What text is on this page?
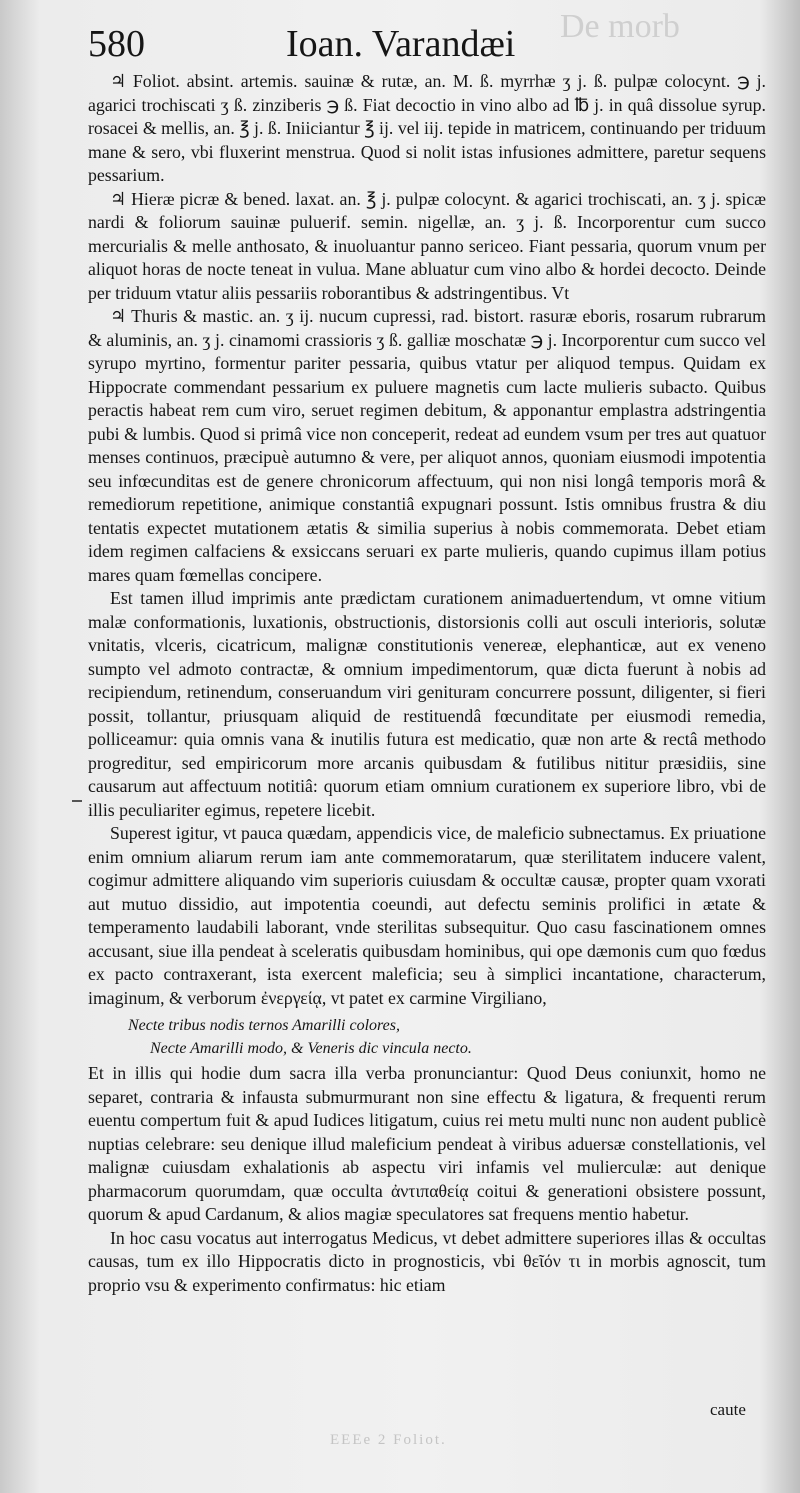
De morb
580	Ioan. Varandæi

♃ Foliot. absint. artemis. sauinæ & rutæ, an. M. ß. myrrhæ ʒ j. ß. pulpæ colocynt. ℈ j. agarici trochiscati ʒ ß. zinziberis ℈ ß. Fiat decoctio in vino albo ad ℔ j. in quâ dissolue syrup. rosacei & mellis, an. ℥ j. ß. Iniiciantur ℥ ij. vel iij. tepide in matricem, continuando per triduum mane & sero, vbi fluxerint menstrua. Quod si nolit istas infusiones admittere, paretur sequens pessarium.

♃ Hieræ picræ & bened. laxat. an. ℥ j. pulpæ colocynt. & agarici trochiscati, an. ʒ j. spicæ nardi & foliorum sauinæ puluerif. semin. nigellæ, an. ʒ j. ß. Incorporentur cum succo mercurialis & melle anthosato, & inuoluantur panno sericeo. Fiant pessaria, quorum vnum per aliquot horas de nocte teneat in vulua. Mane abluatur cum vino albo & hordei decocto. Deinde per triduum vtatur aliis pessariis roborantibus & adstringentibus. Vt

♃ Thuris & mastic. an. ʒ ij. nucum cupressi, rad. bistort. rasuræ eboris, rosarum rubrarum & aluminis, an. ʒ j. cinamomi crassioris ʒ ß. galliæ moschatæ ℈ j. Incorporentur cum succo vel syrupo myrtino, formentur pariter pessaria, quibus vtatur per aliquod tempus. Quidam ex Hippocrate commendant pessarium ex puluere magnetis cum lacte mulieris subacto. Quibus peractis habeat rem cum viro, seruet regimen debitum, & apponantur emplastra adstringentia pubi & lumbis. Quod si primâ vice non conceperit, redeat ad eundem vsum per tres aut quatuor menses continuos, præcipuè autumno & vere, per aliquot annos, quoniam eiusmodi impotentia seu infœcunditas est de genere chronicorum affectuum, qui non nisi longâ temporis morâ & remediorum repetitione, animique constantiâ expugnari possunt. Istis omnibus frustra & diu tentatis expectet mutationem ætatis & similia superius à nobis commemorata. Debet etiam idem regimen calfaciens & exsiccans seruari ex parte mulieris, quando cupimus illam potius mares quam fœmellas concipere.

Est tamen illud imprimis ante prædictam curationem animaduertendum, vt omne vitium malæ conformationis, luxationis, obstructionis, distorsionis colli aut osculi interioris, solutæ vnitatis, vlceris, cicatricum, malignæ constitutionis venereæ, elephanticæ, aut ex veneno sumpto vel admoto contractæ, & omnium impedimentorum, quæ dicta fuerunt à nobis ad recipiendum, retinendum, conseruandum viri genituram concurrere possunt, diligenter, si fieri possit, tollantur, priusquam aliquid de restituendâ fœcunditate per eiusmodi remedia, polliceamur: quia omnis vana & inutilis futura est medicatio, quæ non arte & rectâ methodo progreditur, sed empiricorum more arcanis quibusdam & futilibus nititur præsidiis, sine causarum aut affectuum notitiâ: quorum etiam omnium curationem ex superiore libro, vbi de illis peculiariter egimus, repetere licebit.

Superest igitur, vt pauca quædam, appendicis vice, de maleficio subnectamus. Ex priuatione enim omnium aliarum rerum iam ante commemoratarum, quæ sterilitatem inducere valent, cogimur admittere aliquando vim superioris cuiusdam & occultæ causæ, propter quam vxorati aut mutuo dissidio, aut impotentia coeundi, aut defectu seminis prolifici in ætate & temperamento laudabili laborant, vnde sterilitas subsequitur. Quo casu fascinationem omnes accusant, siue illa pendeat à sceleratis quibusdam hominibus, qui ope dæmonis cum quo fœdus ex pacto contraxerant, ista exercent maleficia; seu à simplici incantatione, characterum, imaginum, & verborum ἐνεργείᾳ, vt patet ex carmine Virgiliano,

Necte tribus nodis ternos Amarilli colores,
Necte Amarilli modo, & Veneris dic vincula necto.

Et in illis qui hodie dum sacra illa verba pronunciantur: Quod Deus coniunxit, homo ne separet, contraria & infausta submurmurant non sine effectu & ligatura, & frequenti rerum euentu compertum fuit & apud Iudices litigatum, cuius rei metu multi nunc non audent publicè nuptias celebrare: seu denique illud maleficium pendeat à viribus aduersæ constellationis, vel malignæ cuiusdam exhalationis ab aspectu viri infamis vel mulierculæ: aut denique pharmacorum quorumdam, quæ occulta ἀντιπαθείᾳ coitui & generationi obsistere possunt, quorum & apud Cardanum, & alios magiæ speculatores sat frequens mentio habetur.

In hoc casu vocatus aut interrogatus Medicus, vt debet admittere superiores illas & occultas causas, tum ex illo Hippocratis dicto in prognosticis, vbi θεῖόν τι in morbis agnoscit, tum proprio vsu & experimento confirmatus: hic etiam

caute
EEEe 2 Foliot.
